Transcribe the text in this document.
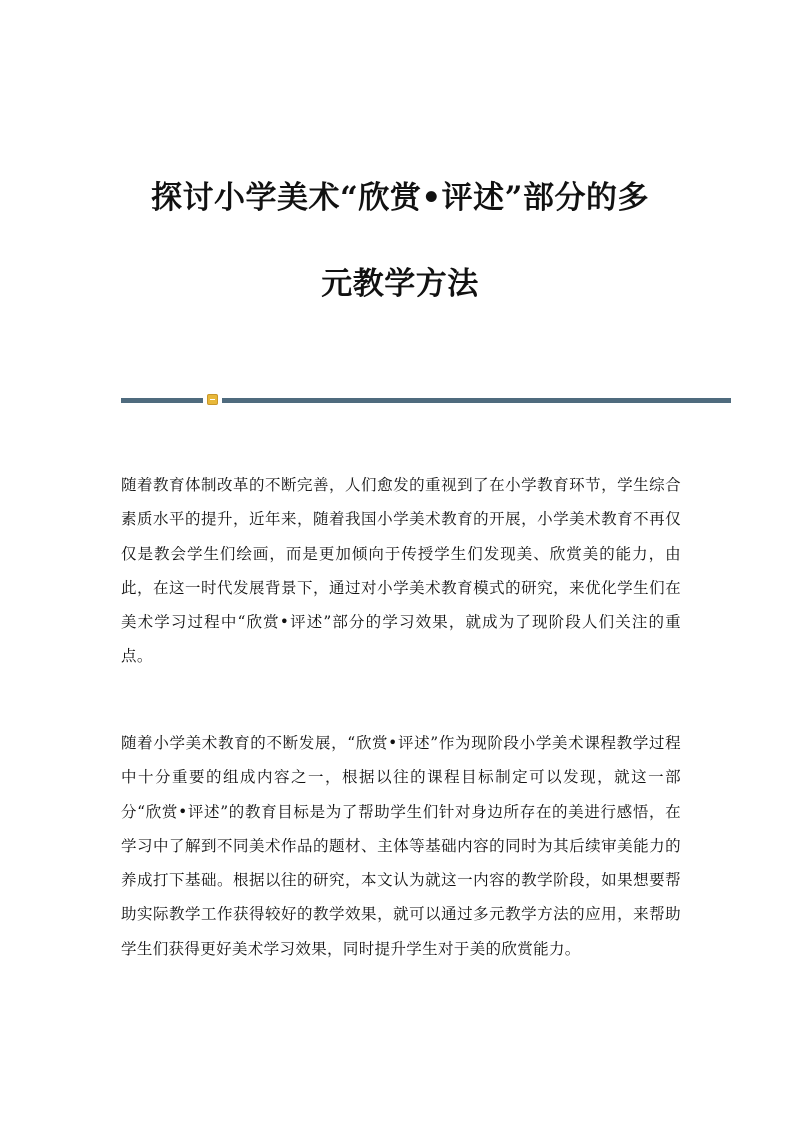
探讨小学美术“欣赏•评述”部分的多
元教学方法

随着教育体制改革的不断完善，人们愈发的重视到了在小学教育环节，学生综合素质水平的提升，近年来，随着我国小学美术教育的开展，小学美术教育不再仅仅是教会学生们绘画，而是更加倾向于传授学生们发现美、欣赏美的能力，由此，在这一时代发展背景下，通过对小学美术教育模式的研究，来优化学生们在美术学习过程中“欣赏•评述”部分的学习效果，就成为了现阶段人们关注的重点。

随着小学美术教育的不断发展，“欣赏•评述”作为现阶段小学美术课程教学过程中十分重要的组成内容之一，根据以往的课程目标制定可以发现，就这一部分“欣赏•评述”的教育目标是为了帮助学生们针对身边所存在的美进行感悟，在学习中了解到不同美术作品的题材、主体等基础内容的同时为其后续审美能力的养成打下基础。根据以往的研究，本文认为就这一内容的教学阶段，如果想要帮助实际教学工作获得较好的教学效果，就可以通过多元教学方法的应用，来帮助学生们获得更好美术学习效果，同时提升学生对于美的欣赏能力。
